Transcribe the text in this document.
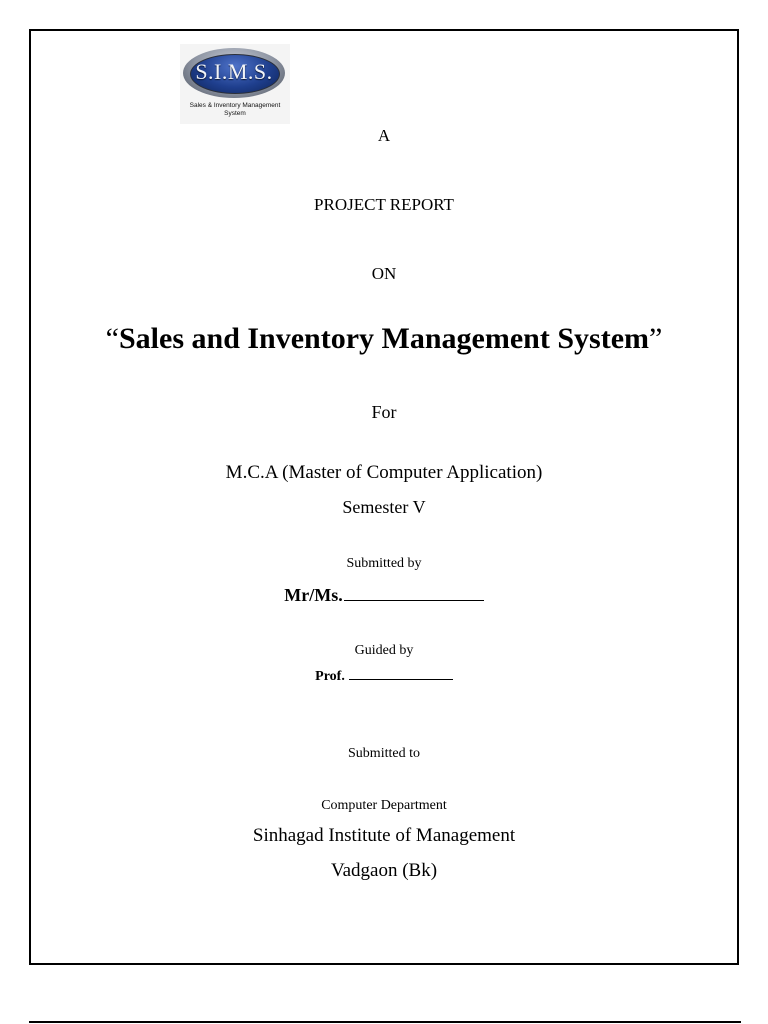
S.I.M.S.
Sales & Inventory Management
System
A
PROJECT REPORT
ON
“Sales and Inventory Management System”
For
M.C.A (Master of Computer Application)
Semester V
Submitted by
Mr/Ms.
Guided by
Prof.
Submitted to
Computer Department
Sinhagad Institute of Management
Vadgaon (Bk)
